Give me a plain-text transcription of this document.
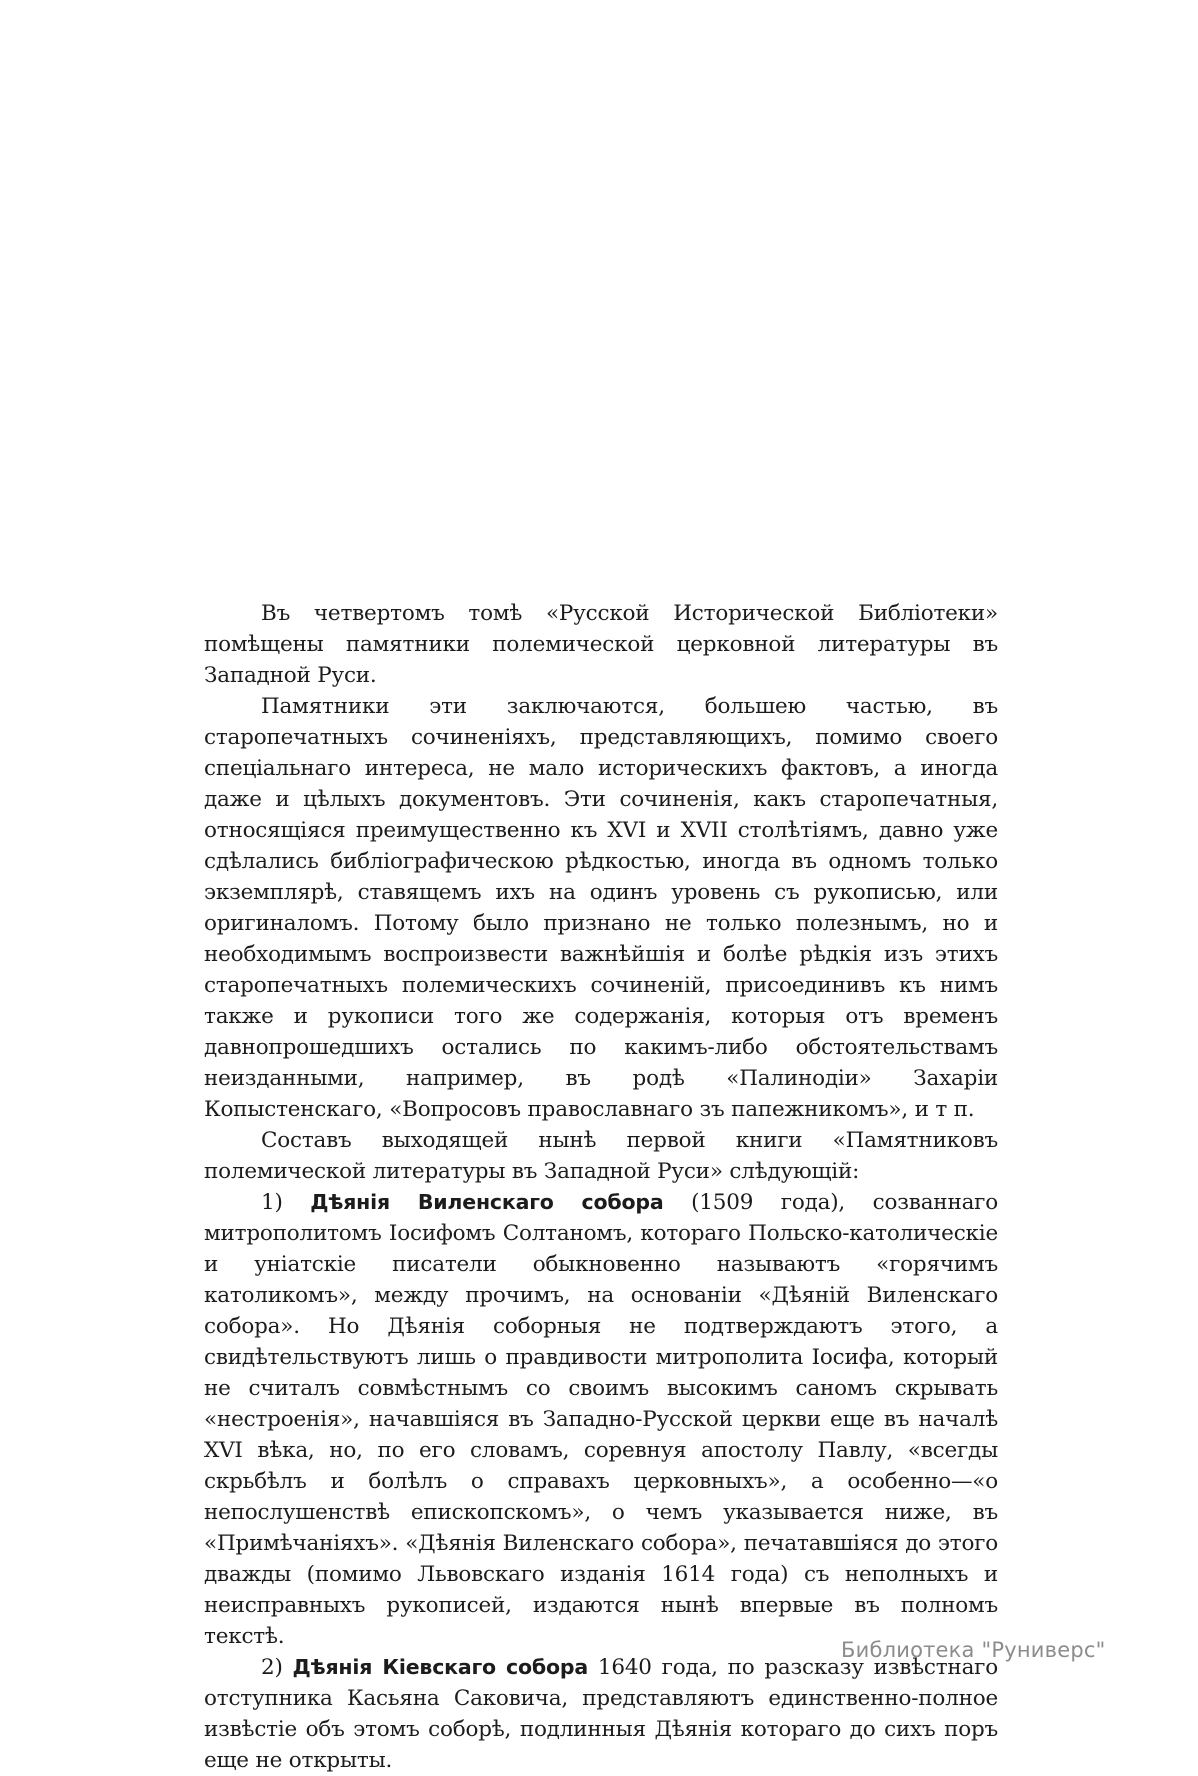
Въ четвертомъ томѣ «Русской Исторической Библіотеки» помѣщены памятники полемической церковной литературы въ Западной Руси.

Памятники эти заключаются, большею частью, въ старопечатныхъ сочиненіяхъ, представляющихъ, помимо своего спеціальнаго интереса, не мало историческихъ фактовъ, а иногда даже и цѣлыхъ документовъ. Эти сочиненія, какъ старопечатныя, относящіяся преимущественно къ XVI и XVII столѣтіямъ, давно уже сдѣлались библіографическою рѣдкостью, иногда въ одномъ только экземплярѣ, ставящемъ ихъ на одинъ уровень съ рукописью, или оригиналомъ. Потому было признано не только полезнымъ, но и необходимымъ воспроизвести важнѣйшія и болѣе рѣдкія изъ этихъ старопечатныхъ полемическихъ сочиненій, присоединивъ къ нимъ также и рукописи того же содержанія, которыя отъ временъ давнопрошедшихъ остались по какимъ-либо обстоятельствамъ неизданными, например, въ родѣ «Палинодіи» Захаріи Копыстенскаго, «Вопросовъ православнаго зъ папежникомъ», и т п.

Составъ выходящей нынѣ первой книги «Памятниковъ полемической литературы въ Западной Руси» слѣдующій:

1) Дѣянія Виленскаго собора (1509 года), созваннаго митрополитомъ Іосифомъ Солтаномъ, котораго Польско-католическіе и уніатскіе писатели обыкновенно называютъ «горячимъ католикомъ», между прочимъ, на основаніи «Дѣяній Виленскаго собора». Но Дѣянія соборныя не подтверждаютъ этого, а свидѣтельствуютъ лишь о правдивости митрополита Іосифа, который не считалъ совмѣстнымъ со своимъ высокимъ саномъ скрывать «нестроенія», начавшіяся въ Западно-Русской церкви еще въ началѣ XVI вѣка, но, по его словамъ, соревнуя апостолу Павлу, «всегды скрьбѣлъ и болѣлъ о справахъ церковныхъ», а особенно—«о непослушенствѣ епископскомъ», о чемъ указывается ниже, въ «Примѣчаніяхъ». «Дѣянія Виленскаго собора», печатавшіяся до этого дважды (помимо Львовскаго изданія 1614 года) съ неполныхъ и неисправныхъ рукописей, издаются нынѣ впервые въ полномъ текстѣ.

2) Дѣянія Кіевскаго собора 1640 года, по разсказу извѣстнаго отступника Касьяна Саковича, представляютъ единственно-полное извѣстіе объ этомъ соборѣ, подлинныя Дѣянія котораго до сихъ поръ еще не открыты.

Библиотека "Руниверс"
